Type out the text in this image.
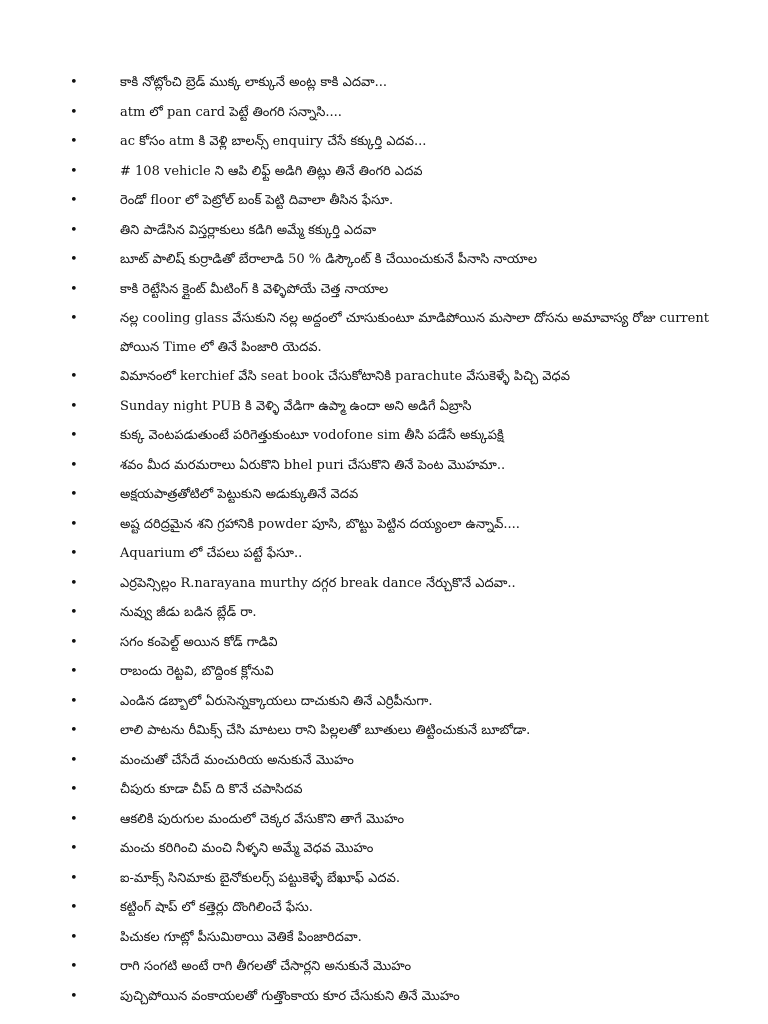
•	కాకి నోట్లోంచి బ్రెడ్ ముక్క లాక్కునే అంట్ల కాకి ఎదవా...
•	atm లో pan card పెట్టే తింగరి సన్నాసి....
•	ac కోసం atm కి వెళ్లి బాలన్స్ enquiry చేసే కక్కుర్తి ఎదవ...
•	# 108 vehicle ని ఆపి లిఫ్ట్ అడిగి తిట్లు తినే తింగరి ఎదవ
•	రెండో floor లో పెట్రోల్ బంక్ పెట్టి దివాలా తీసిన ఫేసూ.
•	తిని పాడేసిన విస్తర్లాకులు కడిగి అమ్మే కక్కుర్తి ఎదవా
•	బూట్ పాలిష్ కుర్రాడితో బేరాలాడి 50 % డిస్కౌంట్ కి చేయించుకునే పీనాసి నాయాల
•	కాకి రెట్టేసిన క్లైంట్ మీటింగ్ కి వెళ్ళిపోయే చెత్త నాయాల
•	నల్ల cooling glass వేసుకుని నల్ల అద్దంలో చూసుకుంటూ మాడిపోయిన మసాలా దోసను అమావాస్య రోజు current పోయిన Time లో తినే పింజారి యెదవ.
•	విమానంలో kerchief వేసి seat book చేసుకోటానికి parachute వేసుకెళ్ళే పిచ్చి వెధవ
•	Sunday night PUB కి వెళ్ళి వేడిగా ఉప్మా ఉందా అని అడిగే ఏబ్రాసి
•	కుక్క వెంటపడుతుంటే పరిగెత్తుకుంటూ vodofone sim తీసి పడేసే అక్కుపక్షి
•	శవం మీద మరమరాలు ఏరుకొని bhel puri చేసుకొని తినే పెంట మొహమా..
•	అక్షయపాత్రతోటిలో పెట్టుకుని అడుక్కుతినే వెదవ
•	అష్ట దరిద్రమైన శని గ్రహానికి powder పూసి, బొట్టు పెట్టిన దయ్యంలా ఉన్నావ్....
•	Aquarium లో చేపలు పట్టే ఫేసూ..
•	ఎర్రపెన్సిల్లం R.narayana murthy దగ్గర break dance నేర్చుకొనే ఎదవా..
•	నువ్వు జీడు బడిన బ్లేడ్ రా.
•	సగం కంపెల్ట్ అయిన కోడ్ గాడివి
•	రాబందు రెట్టవి, బొద్దింక క్లోనువి
•	ఎండిన డబ్బాలో ఏరుసెన్నక్కాయలు దాచుకుని తినే ఎర్రిపీనుగా.
•	లాలి పాటను రీమిక్స్ చేసి మాటలు రాని పిల్లలతో బూతులు తిట్టించుకునే బూబోడా.
•	మంచుతో చేసేదే మంచురియ అనుకునే మొహం
•	చీపురు కూడా చీప్ ది కొనే చపాసిదవ
•	ఆకలికి పురుగుల మందులో చెక్కర వేసుకొని తాగే మొహం
•	మంచు కరిగించి మంచి నీళ్ళని అమ్మే వెధవ మొహం
•	ఐ-మాక్స్ సినిమాకు బైనోకులర్స్ పట్టుకెళ్ళే బేఖూఫ్ ఎదవ.
•	కట్టింగ్ షాప్ లో కత్తెర్లు దొంగిలించే ఫేసు.
•	పిచుకల గూట్లో పీసుమిఠాయి వెతికే పింజారిదవా.
•	రాగి సంగటి అంటే రాగి తీగలతో చేసార్లని అనుకునే మొహం
•	పుచ్చిపోయిన వంకాయలతో గుత్తొంకాయ కూర చేసుకుని తినే మొహం
